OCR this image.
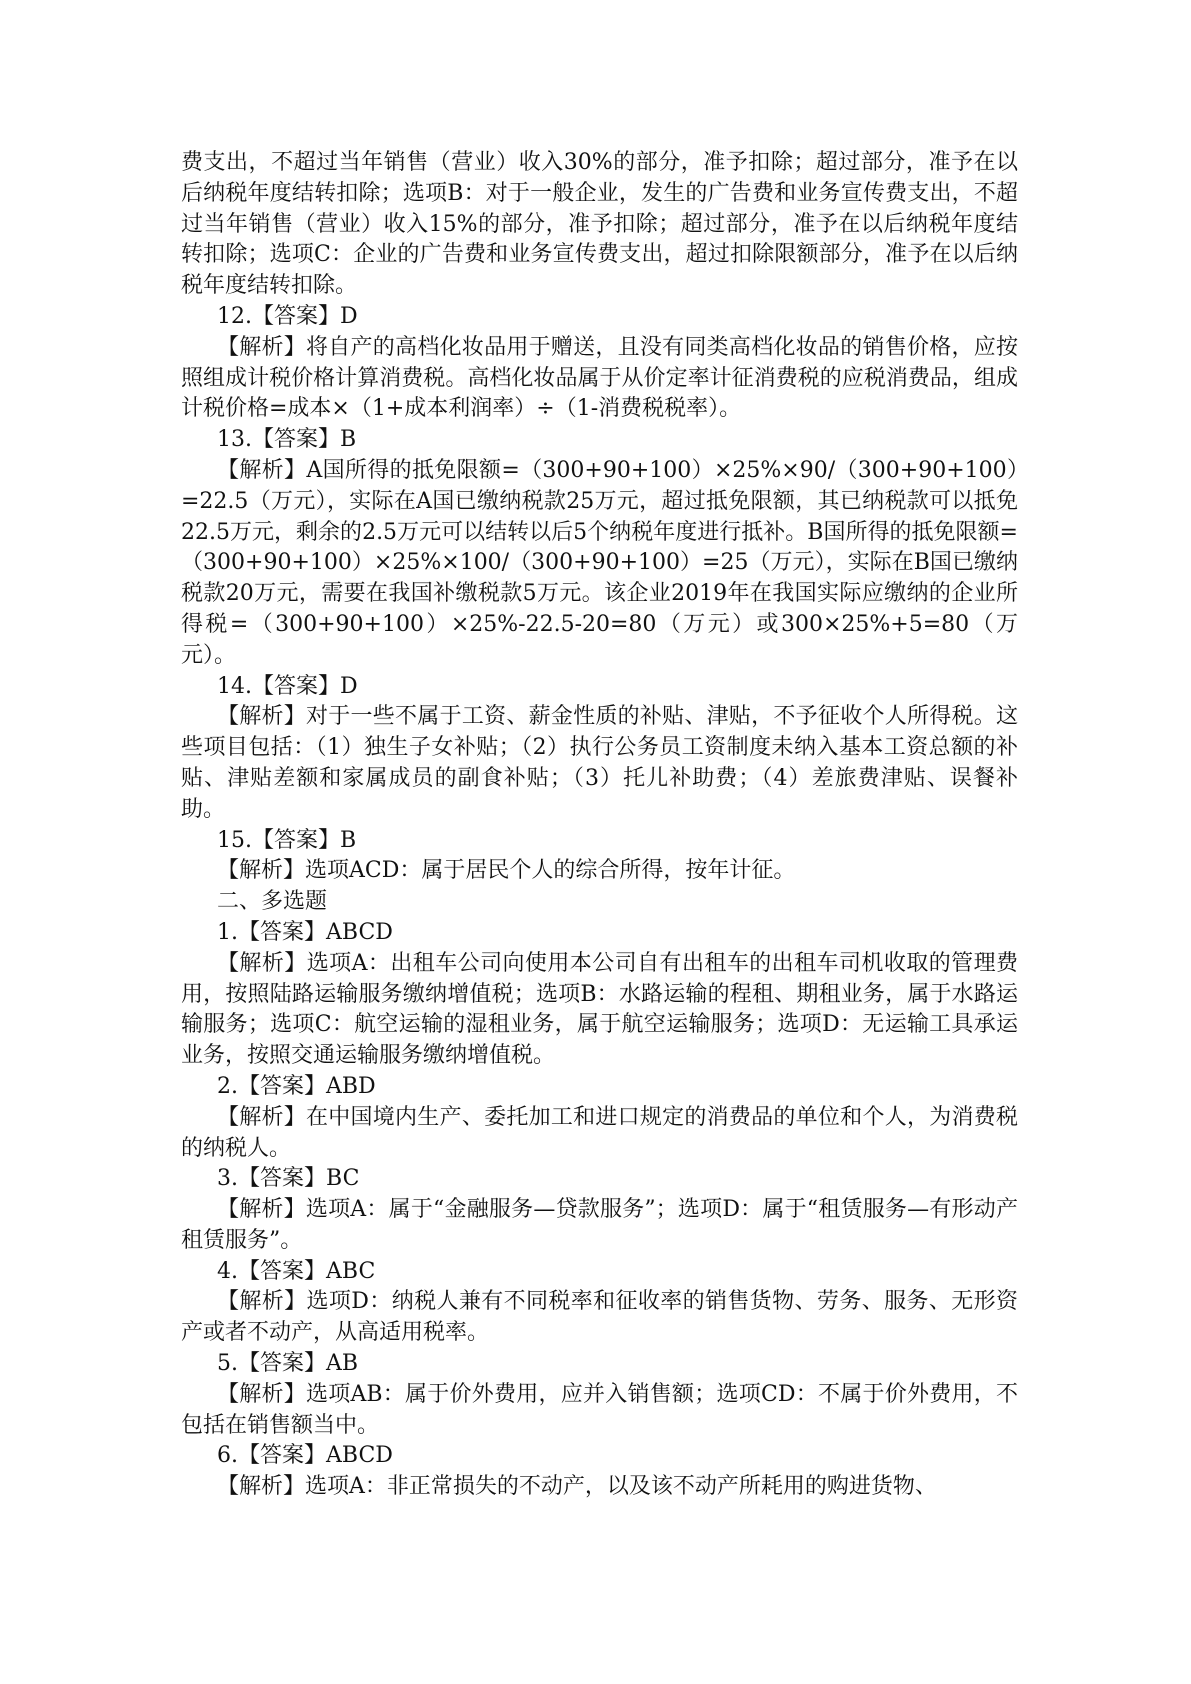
费支出，不超过当年销售（营业）收入30%的部分，准予扣除；超过部分，准予在以后纳税年度结转扣除；选项B：对于一般企业，发生的广告费和业务宣传费支出，不超过当年销售（营业）收入15%的部分，准予扣除；超过部分，准予在以后纳税年度结转扣除；选项C：企业的广告费和业务宣传费支出，超过扣除限额部分，准予在以后纳税年度结转扣除。

12.【答案】D

【解析】将自产的高档化妆品用于赠送，且没有同类高档化妆品的销售价格，应按照组成计税价格计算消费税。高档化妆品属于从价定率计征消费税的应税消费品，组成计税价格=成本×（1+成本利润率）÷（1-消费税税率）。

13.【答案】B

【解析】A国所得的抵免限额=（300+90+100）×25%×90/（300+90+100）=22.5（万元），实际在A国已缴纳税款25万元，超过抵免限额，其已纳税款可以抵免22.5万元，剩余的2.5万元可以结转以后5个纳税年度进行抵补。B国所得的抵免限额=（300+90+100）×25%×100/（300+90+100）=25（万元），实际在B国已缴纳税款20万元，需要在我国补缴税款5万元。该企业2019年在我国实际应缴纳的企业所得税=（300+90+100）×25%-22.5-20=80（万元）或300×25%+5=80（万元）。

14.【答案】D

【解析】对于一些不属于工资、薪金性质的补贴、津贴，不予征收个人所得税。这些项目包括：（1）独生子女补贴；（2）执行公务员工资制度未纳入基本工资总额的补贴、津贴差额和家属成员的副食补贴；（3）托儿补助费；（4）差旅费津贴、误餐补助。

15.【答案】B

【解析】选项ACD：属于居民个人的综合所得，按年计征。

二、多选题

1.【答案】ABCD

【解析】选项A：出租车公司向使用本公司自有出租车的出租车司机收取的管理费用，按照陆路运输服务缴纳增值税；选项B：水路运输的程租、期租业务，属于水路运输服务；选项C：航空运输的湿租业务，属于航空运输服务；选项D：无运输工具承运业务，按照交通运输服务缴纳增值税。

2.【答案】ABD

【解析】在中国境内生产、委托加工和进口规定的消费品的单位和个人，为消费税的纳税人。

3.【答案】BC

【解析】选项A：属于“金融服务—贷款服务”；选项D：属于“租赁服务—有形动产租赁服务”。

4.【答案】ABC

【解析】选项D：纳税人兼有不同税率和征收率的销售货物、劳务、服务、无形资产或者不动产，从高适用税率。

5.【答案】AB

【解析】选项AB：属于价外费用，应并入销售额；选项CD：不属于价外费用，不包括在销售额当中。

6.【答案】ABCD

【解析】选项A：非正常损失的不动产，以及该不动产所耗用的购进货物、
